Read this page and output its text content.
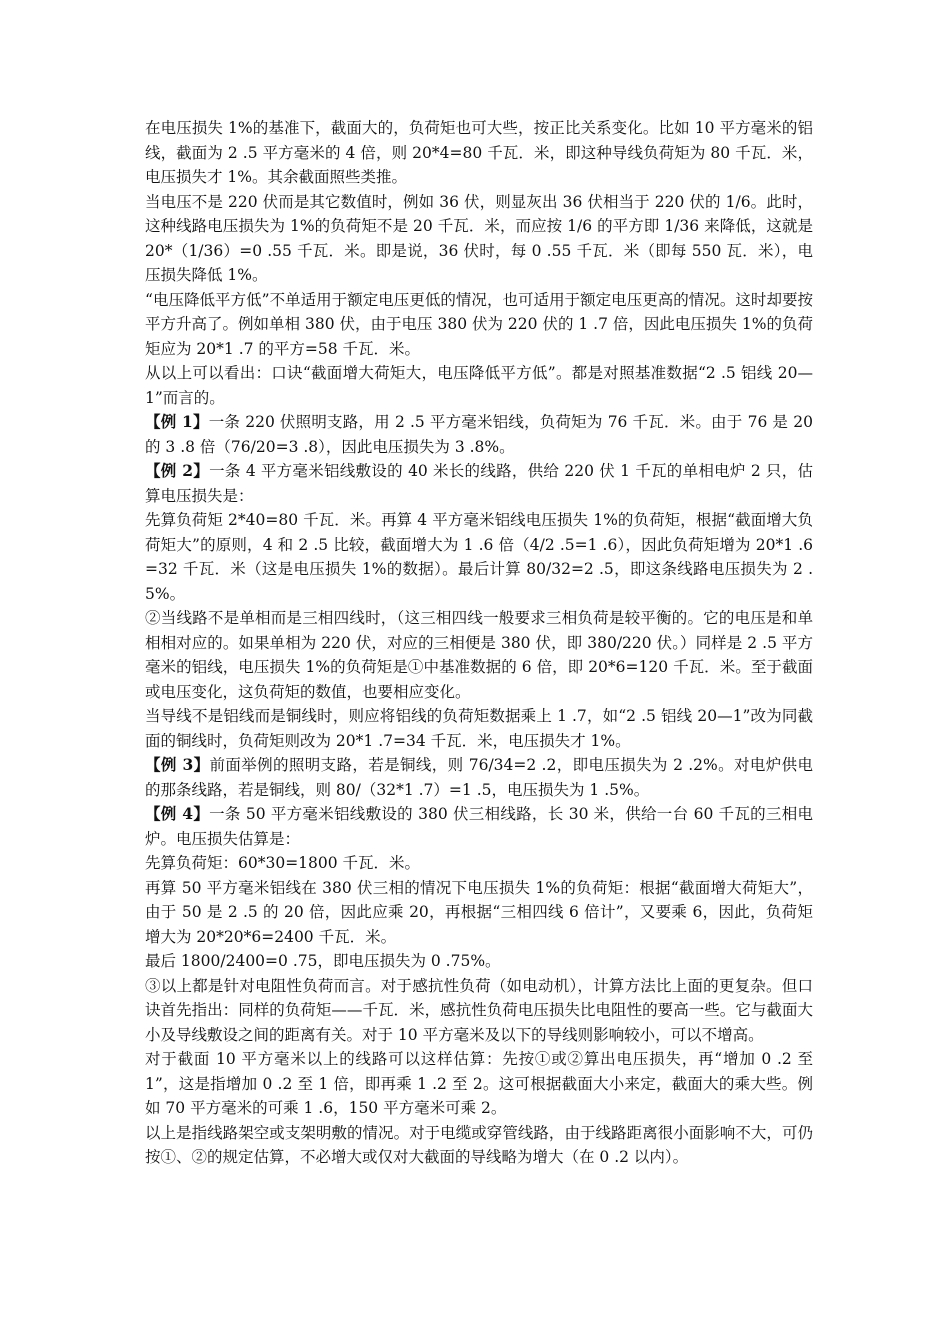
在电压损失 1%的基准下，截面大的，负荷矩也可大些，按正比关系变化。比如 10 平方毫米的铝线，截面为 2 .5 平方毫米的 4 倍，则 20*4=80 千瓦．米，即这种导线负荷矩为 80 千瓦．米，电压损失才 1%。其余截面照些类推。

当电压不是 220 伏而是其它数值时，例如 36 伏，则显灰出 36 伏相当于 220 伏的 1/6。此时，这种线路电压损失为 1%的负荷矩不是 20 千瓦．米，而应按 1/6 的平方即 1/36 来降低，这就是 20*（1/36）=0 .55 千瓦．米。即是说，36 伏时，每 0 .55 千瓦．米（即每 550 瓦．米），电压损失降低 1%。

“电压降低平方低”不单适用于额定电压更低的情况，也可适用于额定电压更高的情况。这时却要按平方升高了。例如单相 380 伏，由于电压 380 伏为 220 伏的 1 .7 倍，因此电压损失 1%的负荷矩应为 20*1 .7 的平方=58 千瓦．米。

从以上可以看出：口诀“截面增大荷矩大，电压降低平方低”。都是对照基准数据“2 .5 铝线 20—1”而言的。

【例 1】一条 220 伏照明支路，用 2 .5 平方毫米铝线，负荷矩为 76 千瓦．米。由于 76 是 20 的 3 .8 倍（76/20=3 .8），因此电压损失为 3 .8%。

【例 2】一条 4 平方毫米铝线敷设的 40 米长的线路，供给 220 伏 1 千瓦的单相电炉 2 只，估算电压损失是：

先算负荷矩 2*40=80 千瓦．米。再算 4 平方毫米铝线电压损失 1%的负荷矩，根据“截面增大负荷矩大”的原则，4 和 2 .5 比较，截面增大为 1 .6 倍（4/2 .5=1 .6），因此负荷矩增为 20*1 .6=32 千瓦．米（这是电压损失 1%的数据）。最后计算 80/32=2 .5，即这条线路电压损失为 2 .5%。

②当线路不是单相而是三相四线时，（这三相四线一般要求三相负荷是较平衡的。它的电压是和单相相对应的。如果单相为 220 伏，对应的三相便是 380 伏，即 380/220 伏。）同样是 2 .5 平方毫米的铝线，电压损失 1%的负荷矩是①中基准数据的 6 倍，即 20*6=120 千瓦．米。至于截面或电压变化，这负荷矩的数值，也要相应变化。

当导线不是铝线而是铜线时，则应将铝线的负荷矩数据乘上 1 .7，如“2 .5 铝线 20—1”改为同截面的铜线时，负荷矩则改为 20*1 .7=34 千瓦．米，电压损失才 1%。

【例 3】前面举例的照明支路，若是铜线，则 76/34=2 .2，即电压损失为 2 .2%。对电炉供电的那条线路，若是铜线，则 80/（32*1 .7）=1 .5，电压损失为 1 .5%。

【例 4】一条 50 平方毫米铝线敷设的 380 伏三相线路，长 30 米，供给一台 60 千瓦的三相电炉。电压损失估算是：

先算负荷矩：60*30=1800 千瓦．米。

再算 50 平方毫米铝线在 380 伏三相的情况下电压损失 1%的负荷矩：根据“截面增大荷矩大”，由于 50 是 2 .5 的 20 倍，因此应乘 20，再根据“三相四线 6 倍计”，又要乘 6，因此，负荷矩增大为 20*20*6=2400 千瓦．米。

最后 1800/2400=0 .75，即电压损失为 0 .75%。

③以上都是针对电阻性负荷而言。对于感抗性负荷（如电动机），计算方法比上面的更复杂。但口诀首先指出：同样的负荷矩——千瓦．米，感抗性负荷电压损失比电阻性的要高一些。它与截面大小及导线敷设之间的距离有关。对于 10 平方毫米及以下的导线则影响较小，可以不增高。

对于截面 10 平方毫米以上的线路可以这样估算：先按①或②算出电压损失，再“增加 0 .2 至 1”，这是指增加 0 .2 至 1 倍，即再乘 1 .2 至 2。这可根据截面大小来定，截面大的乘大些。例如 70 平方毫米的可乘 1 .6，150 平方毫米可乘 2。

以上是指线路架空或支架明敷的情况。对于电缆或穿管线路，由于线路距离很小面影响不大，可仍按①、②的规定估算，不必增大或仅对大截面的导线略为增大（在 0 .2 以内）。
